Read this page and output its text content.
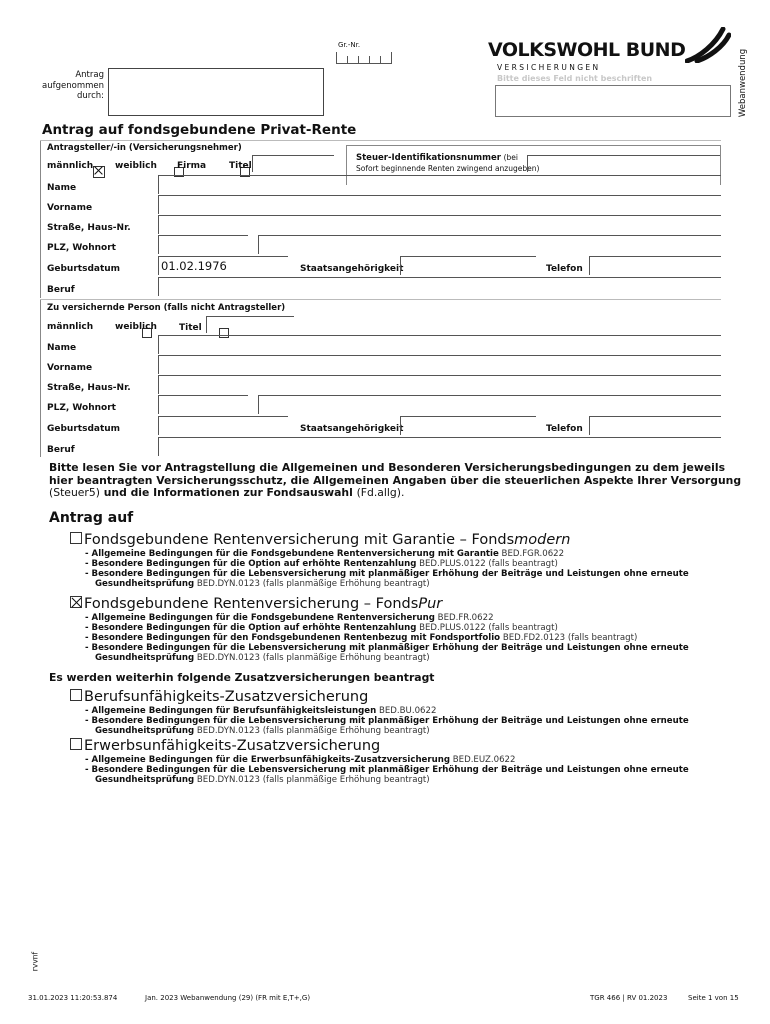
Gr.-Nr.
Antrag aufgenommen durch:
VOLKSWOHL BUND
V E R S I C H E R U N G E N
Bitte dieses Feld nicht beschriften	Webanwendung
Antrag auf fondsgebundene Privat-Rente
Antragsteller/-in (Versicherungsnehmer)
männlich
weiblich
Firma
	Titel
Steuer-Identifikationsnummer (bei
Sofort beginnende Renten zwingend anzugeben)
Name
Vorname
Straße, Haus-Nr.
PLZ, Wohnort
Geburtsdatum	01.02.1976	Staatsangehörigkeit	Telefon
Beruf
Zu versichernde Person (falls nicht Antragsteller)
männlich
weiblich Titel
Name
Vorname
Straße, Haus-Nr.
PLZ, Wohnort
Geburtsdatum	Staatsangehörigkeit	Telefon
Beruf
Bitte lesen Sie vor Antragstellung die Allgemeinen und Besonderen Versicherungsbedingungen zu dem jeweils
hier beantragten Versicherungsschutz, die Allgemeinen Angaben über die steuerlichen Aspekte Ihrer Versorgung
(Steuer5) und die Informationen zur Fondsauswahl (Fd.allg).
Antrag auf
Fondsgebundene Rentenversicherung mit Garantie – Fondsmodern
- Allgemeine Bedingungen für die Fondsgebundene Rentenversicherung mit Garantie BED.FGR.0622
- Besondere Bedingungen für die Option auf erhöhte Rentenzahlung BED.PLUS.0122 (falls beantragt)
- Besondere Bedingungen für die Lebensversicherung mit planmäßiger Erhöhung der Beiträge und Leistungen ohne erneute
Gesundheitsprüfung BED.DYN.0123 (falls planmäßige Erhöhung beantragt)
Fondsgebundene Rentenversicherung – FondsPur
- Allgemeine Bedingungen für die Fondsgebundene Rentenversicherung BED.FR.0622
- Besondere Bedingungen für die Option auf erhöhte Rentenzahlung BED.PLUS.0122 (falls beantragt)
- Besondere Bedingungen für den Fondsgebundenen Rentenbezug mit Fondsportfolio BED.FD2.0123 (falls beantragt)
- Besondere Bedingungen für die Lebensversicherung mit planmäßiger Erhöhung der Beiträge und Leistungen ohne erneute
Gesundheitsprüfung BED.DYN.0123 (falls planmäßige Erhöhung beantragt)
Es werden weiterhin folgende Zusatzversicherungen beantragt
Berufsunfähigkeits-Zusatzversicherung
- Allgemeine Bedingungen für Berufsunfähigkeitsleistungen BED.BU.0622
- Besondere Bedingungen für die Lebensversicherung mit planmäßiger Erhöhung der Beiträge und Leistungen ohne erneute
Gesundheitsprüfung BED.DYN.0123 (falls planmäßige Erhöhung beantragt)
Erwerbsunfähigkeits-Zusatzversicherung
- Allgemeine Bedingungen für die Erwerbsunfähigkeits-Zusatzversicherung BED.EUZ.0622
- Besondere Bedingungen für die Lebensversicherung mit planmäßiger Erhöhung der Beiträge und Leistungen ohne erneute
Gesundheitsprüfung BED.DYN.0123 (falls planmäßige Erhöhung beantragt)
rvvnf
31.01.2023 11:20:53.874	Jan. 2023 Webanwendung (29) (FR mit E,T+,G)	TGR 466 | RV 01.2023	Seite 1 von 15
